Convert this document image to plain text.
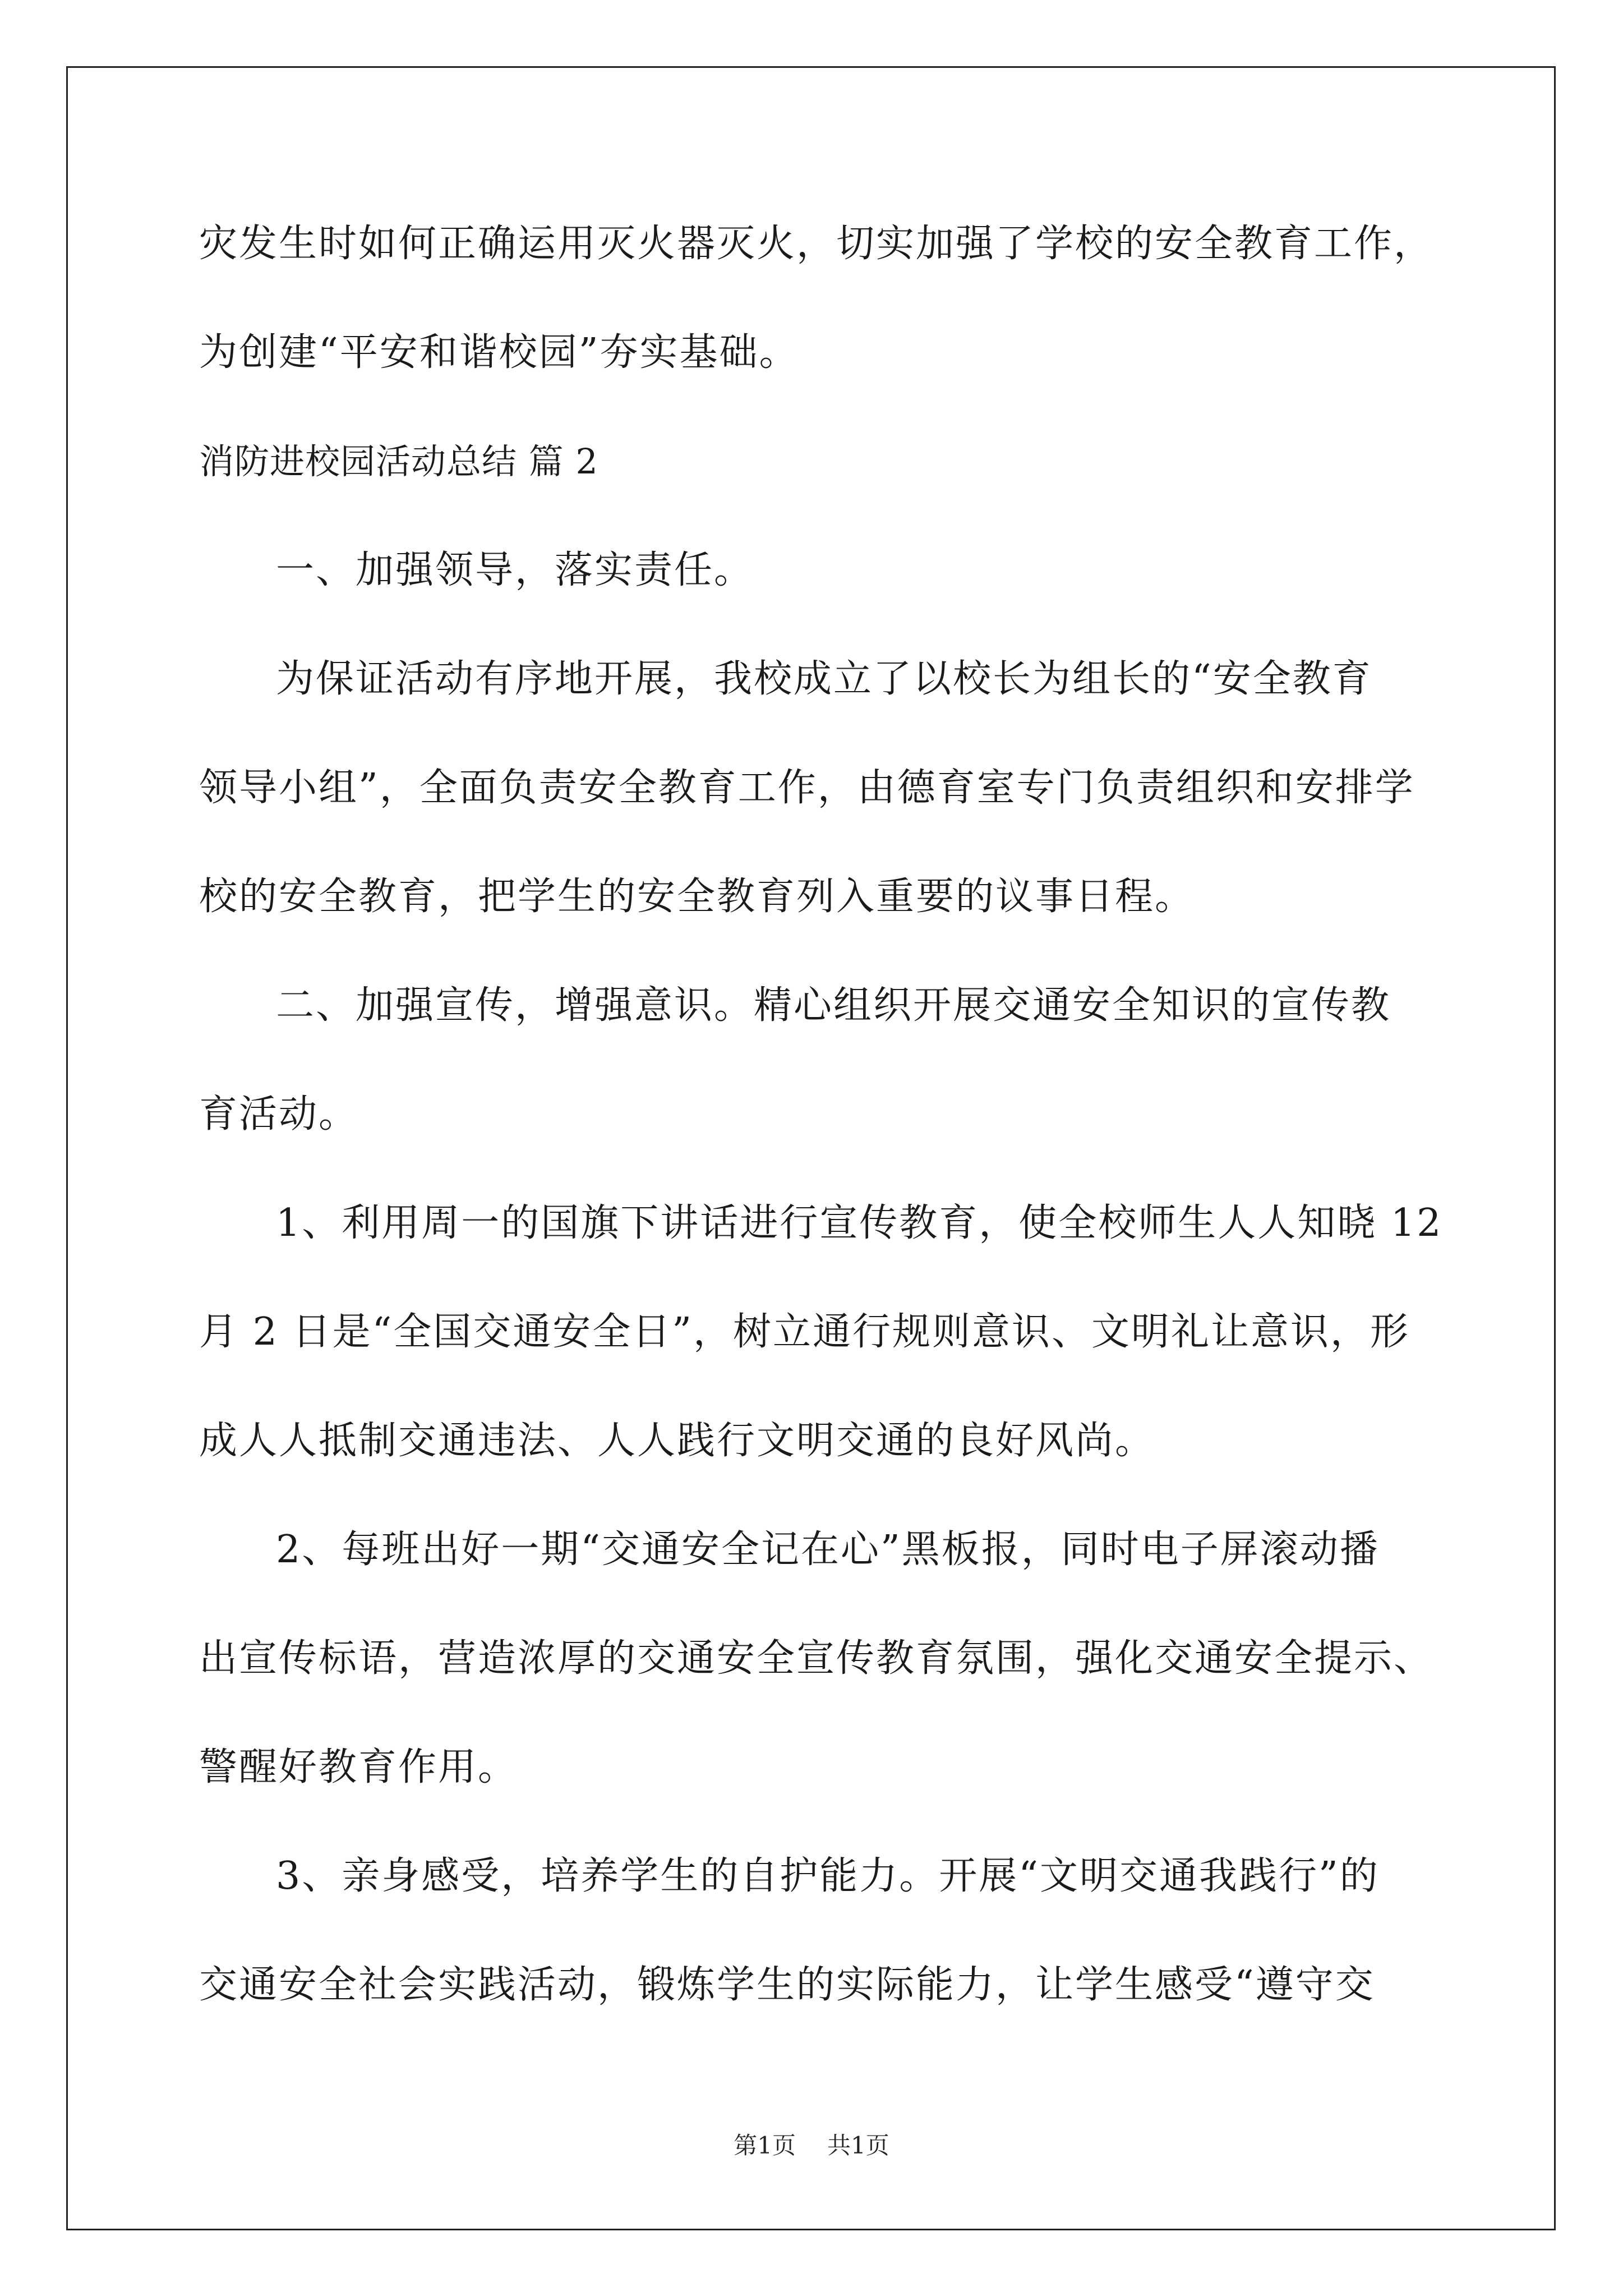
灾发生时如何正确运用灭火器灭火，切实加强了学校的安全教育工作，

为创建“平安和谐校园”夯实基础。

消防进校园活动总结 篇 2

一、加强领导，落实责任。

为保证活动有序地开展，我校成立了以校长为组长的“安全教育

领导小组”，全面负责安全教育工作，由德育室专门负责组织和安排学

校的安全教育，把学生的安全教育列入重要的议事日程。

二、加强宣传，增强意识。精心组织开展交通安全知识的宣传教

育活动。

1、利用周一的国旗下讲话进行宣传教育，使全校师生人人知晓 12

月 2 日是“全国交通安全日”，树立通行规则意识、文明礼让意识，形

成人人抵制交通违法、人人践行文明交通的良好风尚。

2、每班出好一期“交通安全记在心”黑板报，同时电子屏滚动播

出宣传标语，营造浓厚的交通安全宣传教育氛围，强化交通安全提示、

警醒好教育作用。

3、亲身感受，培养学生的自护能力。开展“文明交通我践行”的

交通安全社会实践活动，锻炼学生的实际能力，让学生感受“遵守交

第1页 共1页
